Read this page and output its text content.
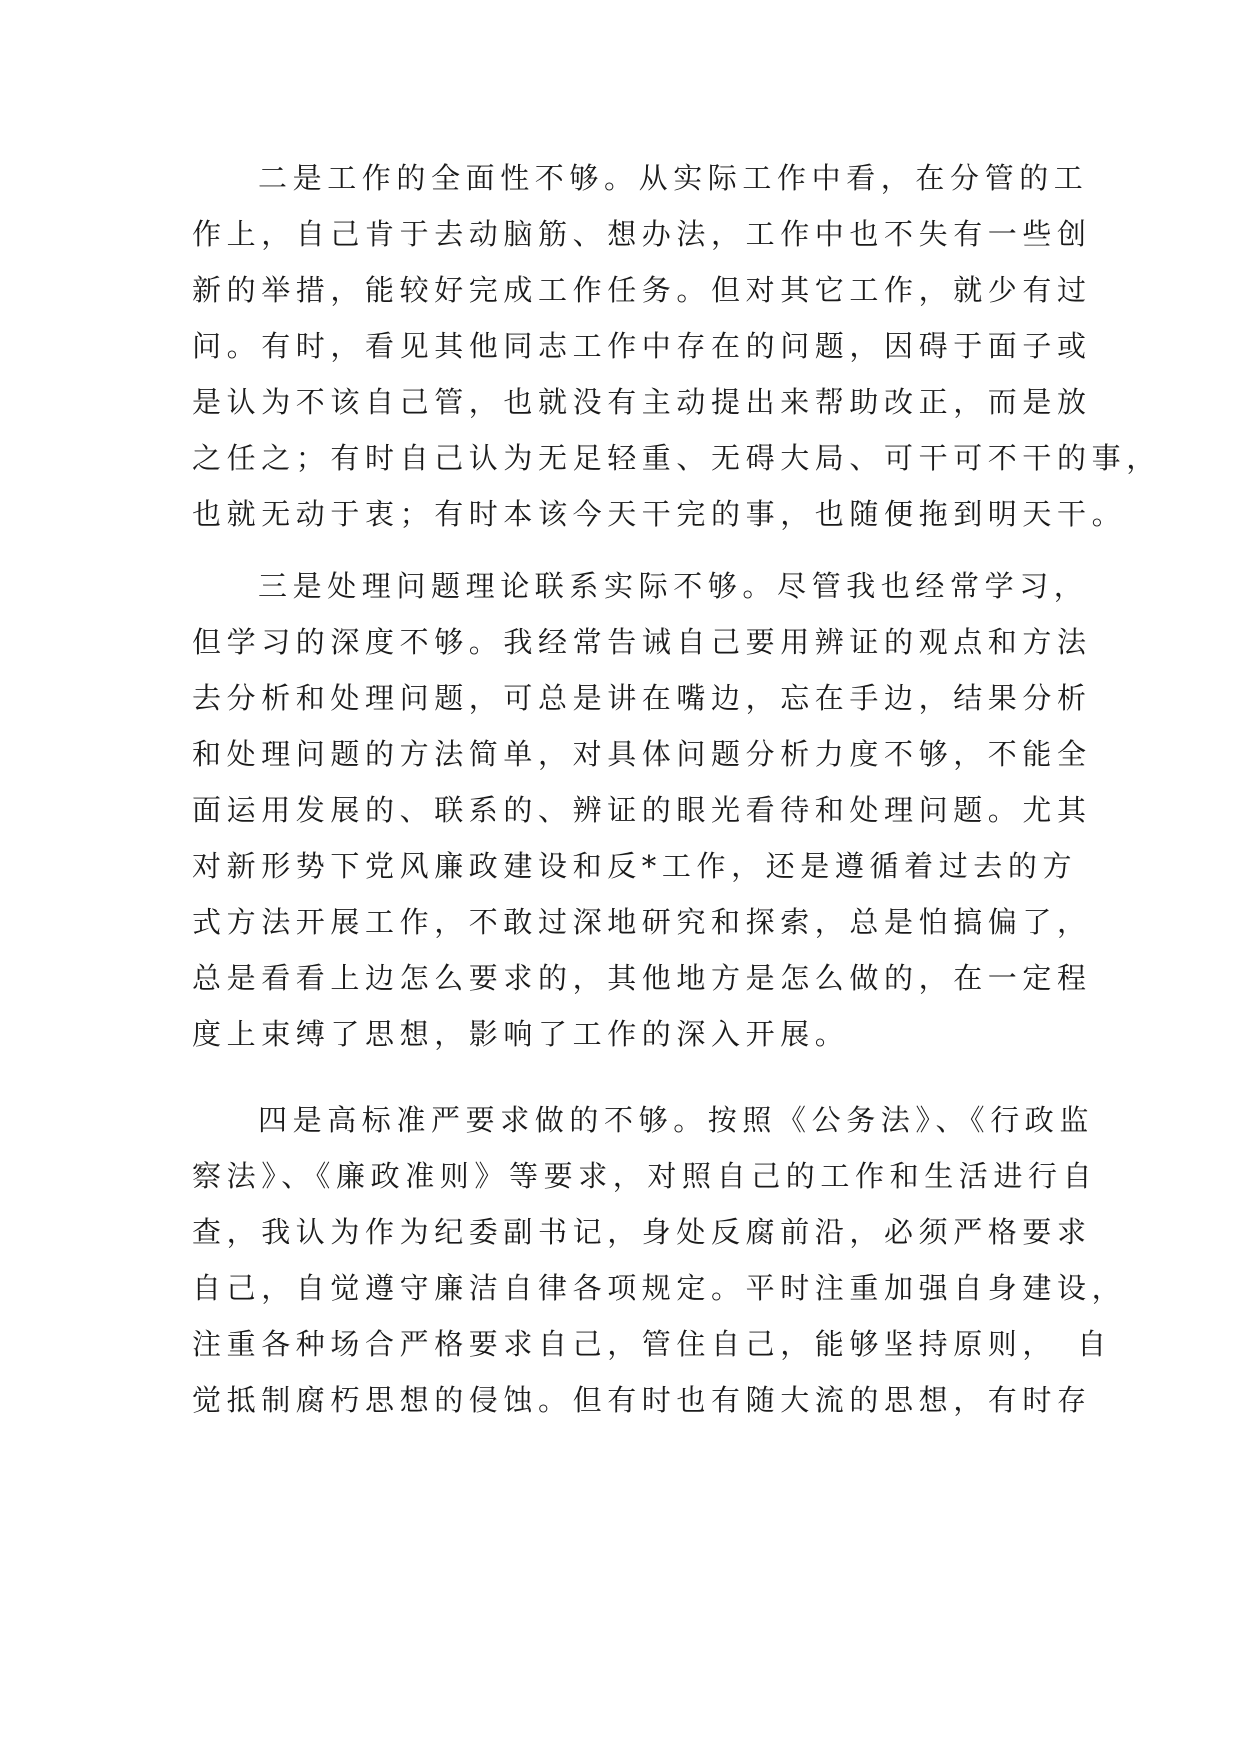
二是工作的全面性不够。从实际工作中看，在分管的工
作上，自己肯于去动脑筋、想办法，工作中也不失有一些创
新的举措，能较好完成工作任务。但对其它工作，就少有过
问。有时，看见其他同志工作中存在的问题，因碍于面子或
是认为不该自己管，也就没有主动提出来帮助改正，而是放
之任之；有时自己认为无足轻重、无碍大局、可干可不干的事，
也就无动于衷；有时本该今天干完的事，也随便拖到明天干。
三是处理问题理论联系实际不够。尽管我也经常学习，
但学习的深度不够。我经常告诫自己要用辨证的观点和方法
去分析和处理问题，可总是讲在嘴边，忘在手边，结果分析
和处理问题的方法简单，对具体问题分析力度不够，不能全
面运用发展的、联系的、辨证的眼光看待和处理问题。尤其
对新形势下党风廉政建设和反*工作，还是遵循着过去的方
式方法开展工作，不敢过深地研究和探索，总是怕搞偏了，
总是看看上边怎么要求的，其他地方是怎么做的，在一定程
度上束缚了思想，影响了工作的深入开展。
四是高标准严要求做的不够。按照《公务法》、《行政监
察法》、《廉政准则》等要求，对照自己的工作和生活进行自
查，我认为作为纪委副书记，身处反腐前沿，必须严格要求
自己，自觉遵守廉洁自律各项规定。平时注重加强自身建设，
注重各种场合严格要求自己，管住自己，能够坚持原则，　自
觉抵制腐朽思想的侵蚀。但有时也有随大流的思想，有时存
